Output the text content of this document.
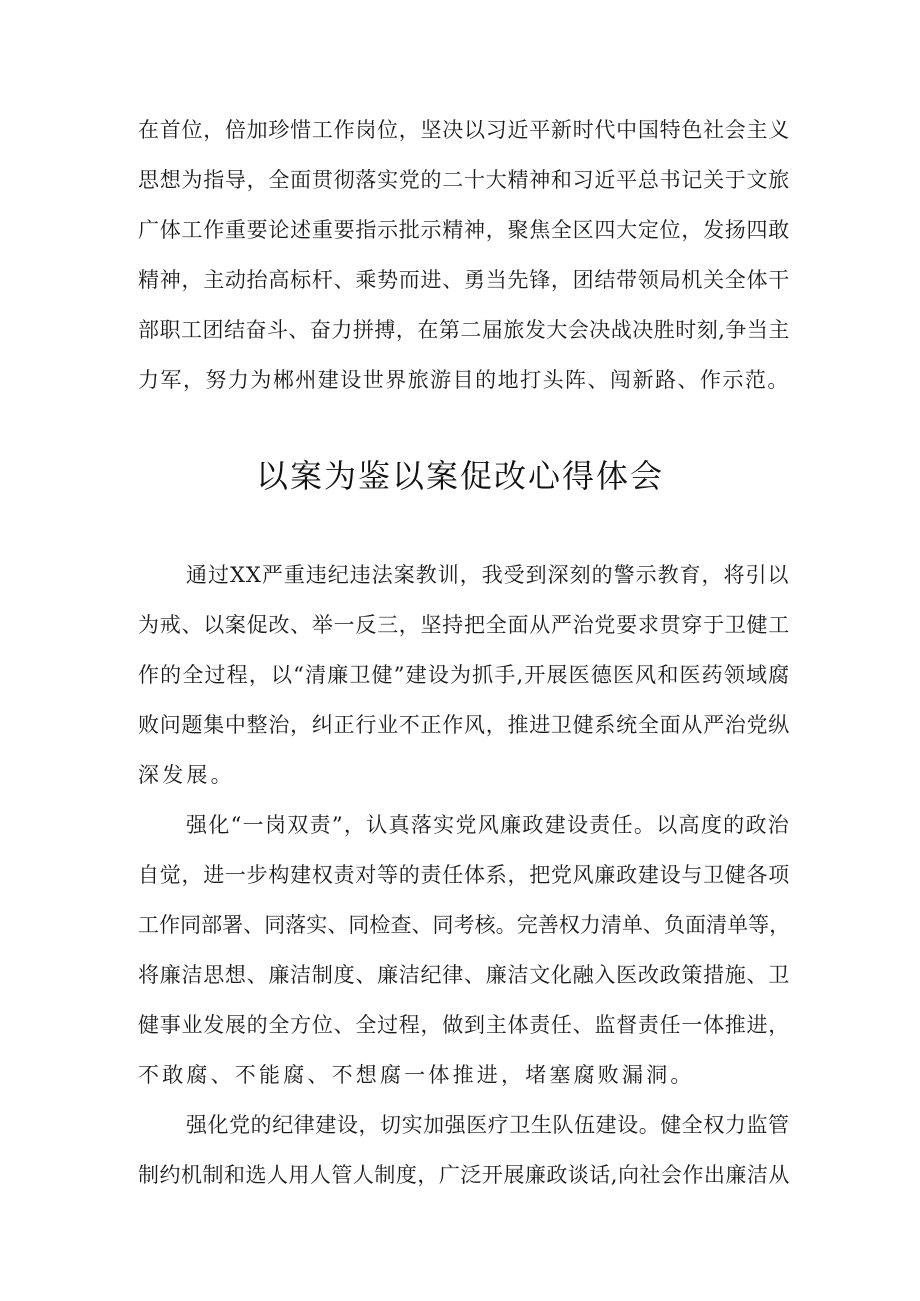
在首位，倍加珍惜工作岗位，坚决以习近平新时代中国特色社会主义
思想为指导，全面贯彻落实党的二十大精神和习近平总书记关于文旅
广体工作重要论述重要指示批示精神，聚焦全区四大定位，发扬四敢
精神，主动抬高标杆、乘势而进、勇当先锋，团结带领局机关全体干
部职工团结奋斗、奋力拼搏，在第二届旅发大会决战决胜时刻,争当主
力军，努力为郴州建设世界旅游目的地打头阵、闯新路、作示范。
以案为鉴以案促改心得体会
通过XX严重违纪违法案教训，我受到深刻的警示教育，将引以
为戒、以案促改、举一反三，坚持把全面从严治党要求贯穿于卫健工
作的全过程，以“清廉卫健”建设为抓手,开展医德医风和医药领域腐
败问题集中整治，纠正行业不正作风，推进卫健系统全面从严治党纵
深发展。
强化“一岗双责”，认真落实党风廉政建设责任。以高度的政治
自觉，进一步构建权责对等的责任体系，把党风廉政建设与卫健各项
工作同部署、同落实、同检查、同考核。完善权力清单、负面清单等，
将廉洁思想、廉洁制度、廉洁纪律、廉洁文化融入医改政策措施、卫
健事业发展的全方位、全过程，做到主体责任、监督责任一体推进，
不敢腐、不能腐、不想腐一体推进，堵塞腐败漏洞。
强化党的纪律建设，切实加强医疗卫生队伍建设。健全权力监管
制约机制和选人用人管人制度，广泛开展廉政谈话,向社会作出廉洁从
